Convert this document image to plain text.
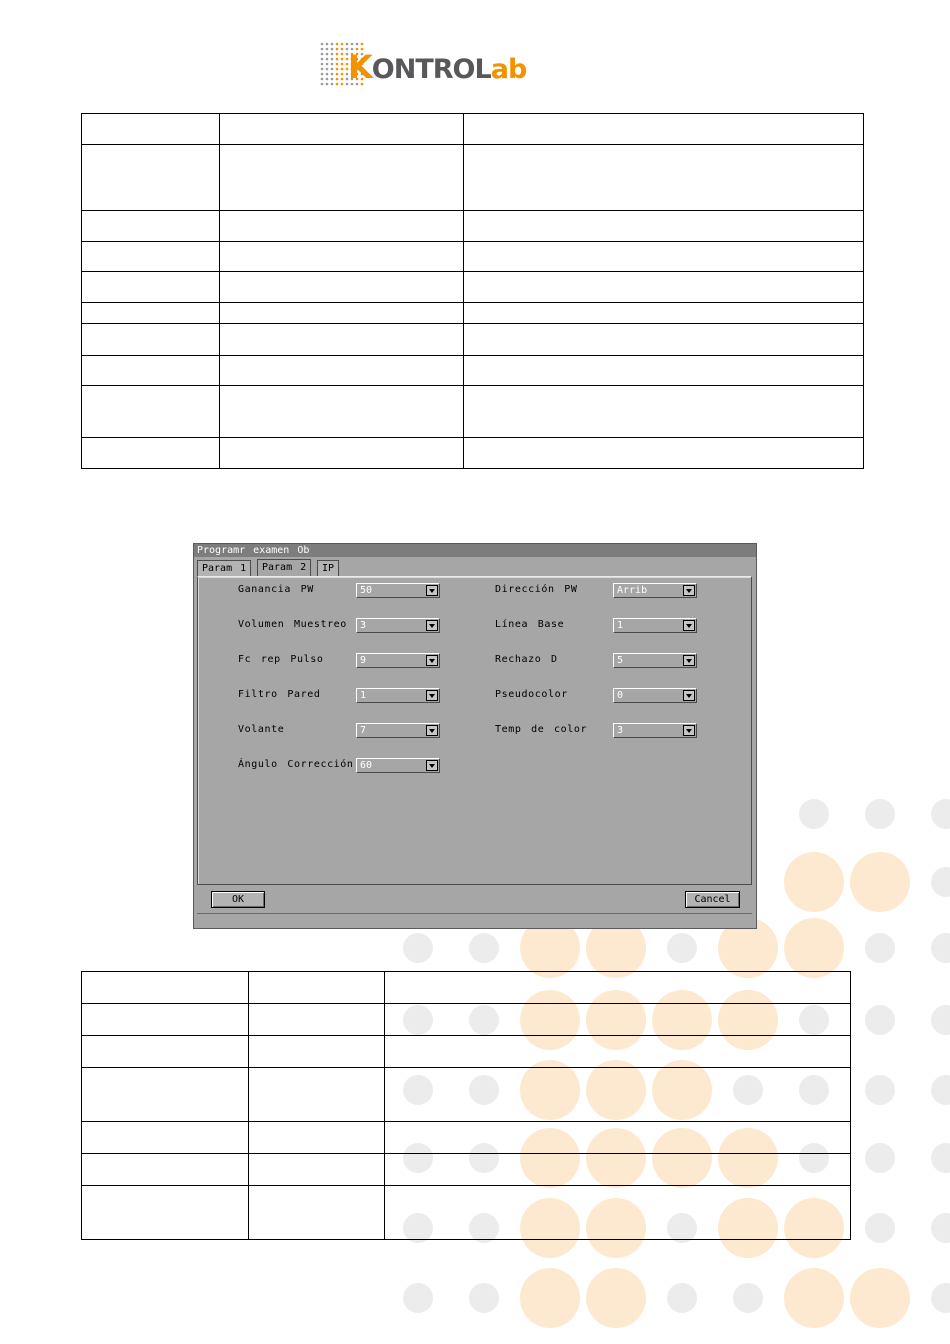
KONTROLab

Programr examen Ob
Param 1	Param 2	IP
Ganancia PW	50
Volumen Muestreo 3
Fc rep Pulso	9
Filtro Pared	1
Volante	7
Ángulo Corrección 60
Dirección PW	Arrib
Línea Base	1
Rechazo D	5
Pseudocolor	0
Temp de color	3
OK	Cancel
